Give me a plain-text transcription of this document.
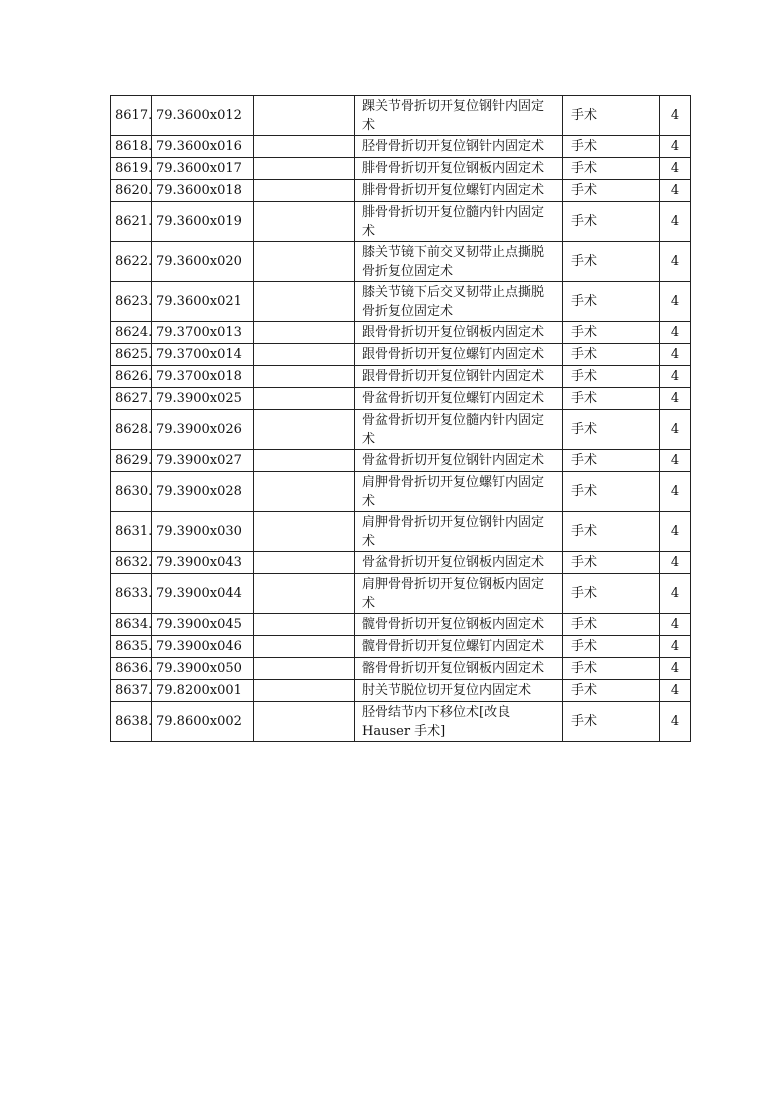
8617.	79.3600x012		踝关节骨折切开复位钢针内固定术	手术	4
8618.	79.3600x016		胫骨骨折切开复位钢针内固定术	手术	4
8619.	79.3600x017		腓骨骨折切开复位钢板内固定术	手术	4
8620.	79.3600x018		腓骨骨折切开复位螺钉内固定术	手术	4
8621.	79.3600x019		腓骨骨折切开复位髓内针内固定术	手术	4
8622.	79.3600x020		膝关节镜下前交叉韧带止点撕脱骨折复位固定术	手术	4
8623.	79.3600x021		膝关节镜下后交叉韧带止点撕脱骨折复位固定术	手术	4
8624.	79.3700x013		跟骨骨折切开复位钢板内固定术	手术	4
8625.	79.3700x014		跟骨骨折切开复位螺钉内固定术	手术	4
8626.	79.3700x018		跟骨骨折切开复位钢针内固定术	手术	4
8627.	79.3900x025		骨盆骨折切开复位螺钉内固定术	手术	4
8628.	79.3900x026		骨盆骨折切开复位髓内针内固定术	手术	4
8629.	79.3900x027		骨盆骨折切开复位钢针内固定术	手术	4
8630.	79.3900x028		肩胛骨骨折切开复位螺钉内固定术	手术	4
8631.	79.3900x030		肩胛骨骨折切开复位钢针内固定术	手术	4
8632.	79.3900x043		骨盆骨折切开复位钢板内固定术	手术	4
8633.	79.3900x044		肩胛骨骨折切开复位钢板内固定术	手术	4
8634.	79.3900x045		髋骨骨折切开复位钢板内固定术	手术	4
8635.	79.3900x046		髋骨骨折切开复位螺钉内固定术	手术	4
8636.	79.3900x050		髂骨骨折切开复位钢板内固定术	手术	4
8637.	79.8200x001		肘关节脱位切开复位内固定术	手术	4
8638.	79.8600x002		胫骨结节内下移位术[改良 Hauser 手术]	手术	4
